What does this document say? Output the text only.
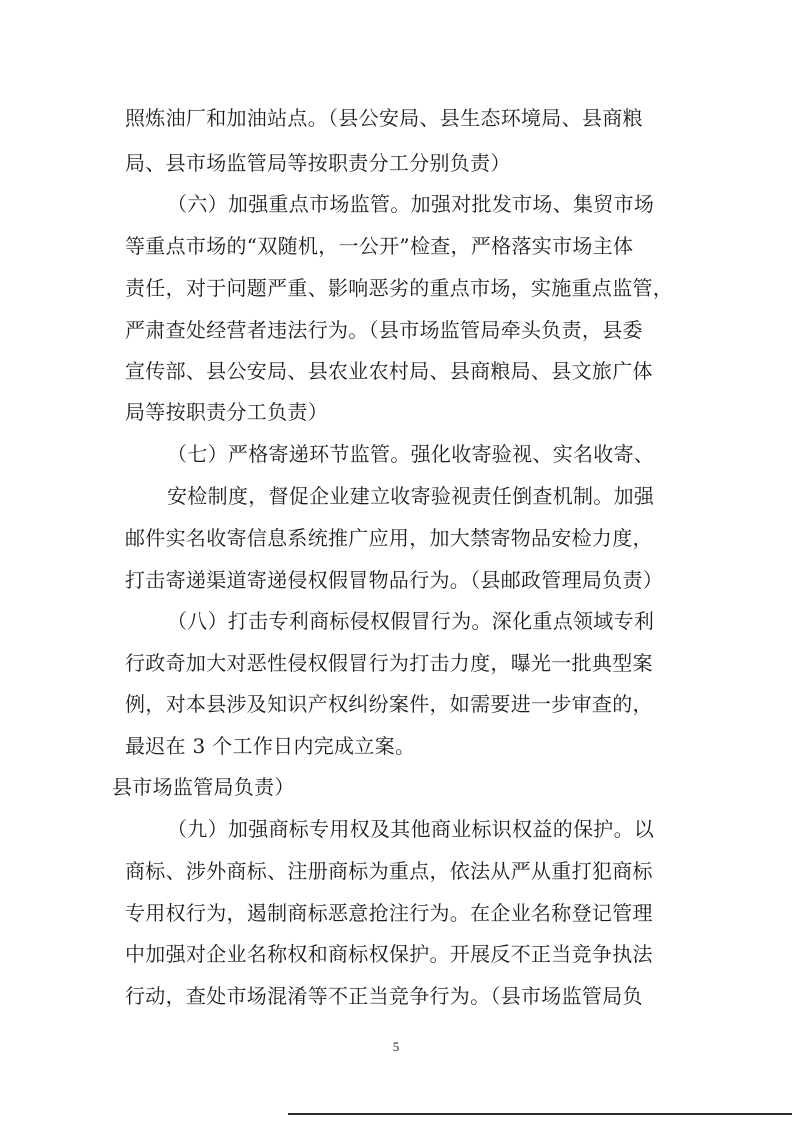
照炼油厂和加油站点。（县公安局、县生态环境局、县商粮
局、县市场监管局等按职责分工分别负责）
（六）加强重点市场监管。加强对批发市场、集贸市场
等重点市场的“双随机，一公开”检查，严格落实市场主体
责任，对于问题严重、影响恶劣的重点市场，实施重点监管，
严肃查处经营者违法行为。（县市场监管局牵头负责，县委
宣传部、县公安局、县农业农村局、县商粮局、县文旅广体
局等按职责分工负责）
（七）严格寄递环节监管。强化收寄验视、实名收寄、
安检制度，督促企业建立收寄验视责任倒查机制。加强
邮件实名收寄信息系统推广应用，加大禁寄物品安检力度，
打击寄递渠道寄递侵权假冒物品行为。（县邮政管理局负责）
（八）打击专利商标侵权假冒行为。深化重点领域专利
行政奇加大对恶性侵权假冒行为打击力度，曝光一批典型案
例，对本县涉及知识产权纠纷案件，如需要进一步审查的，
最迟在 3 个工作日内完成立案。
县市场监管局负责）
（九）加强商标专用权及其他商业标识权益的保护。以
商标、涉外商标、注册商标为重点，依法从严从重打犯商标
专用权行为，遏制商标恶意抢注行为。在企业名称登记管理
中加强对企业名称权和商标权保护。开展反不正当竞争执法
行动，查处市场混淆等不正当竞争行为。（县市场监管局负
5
